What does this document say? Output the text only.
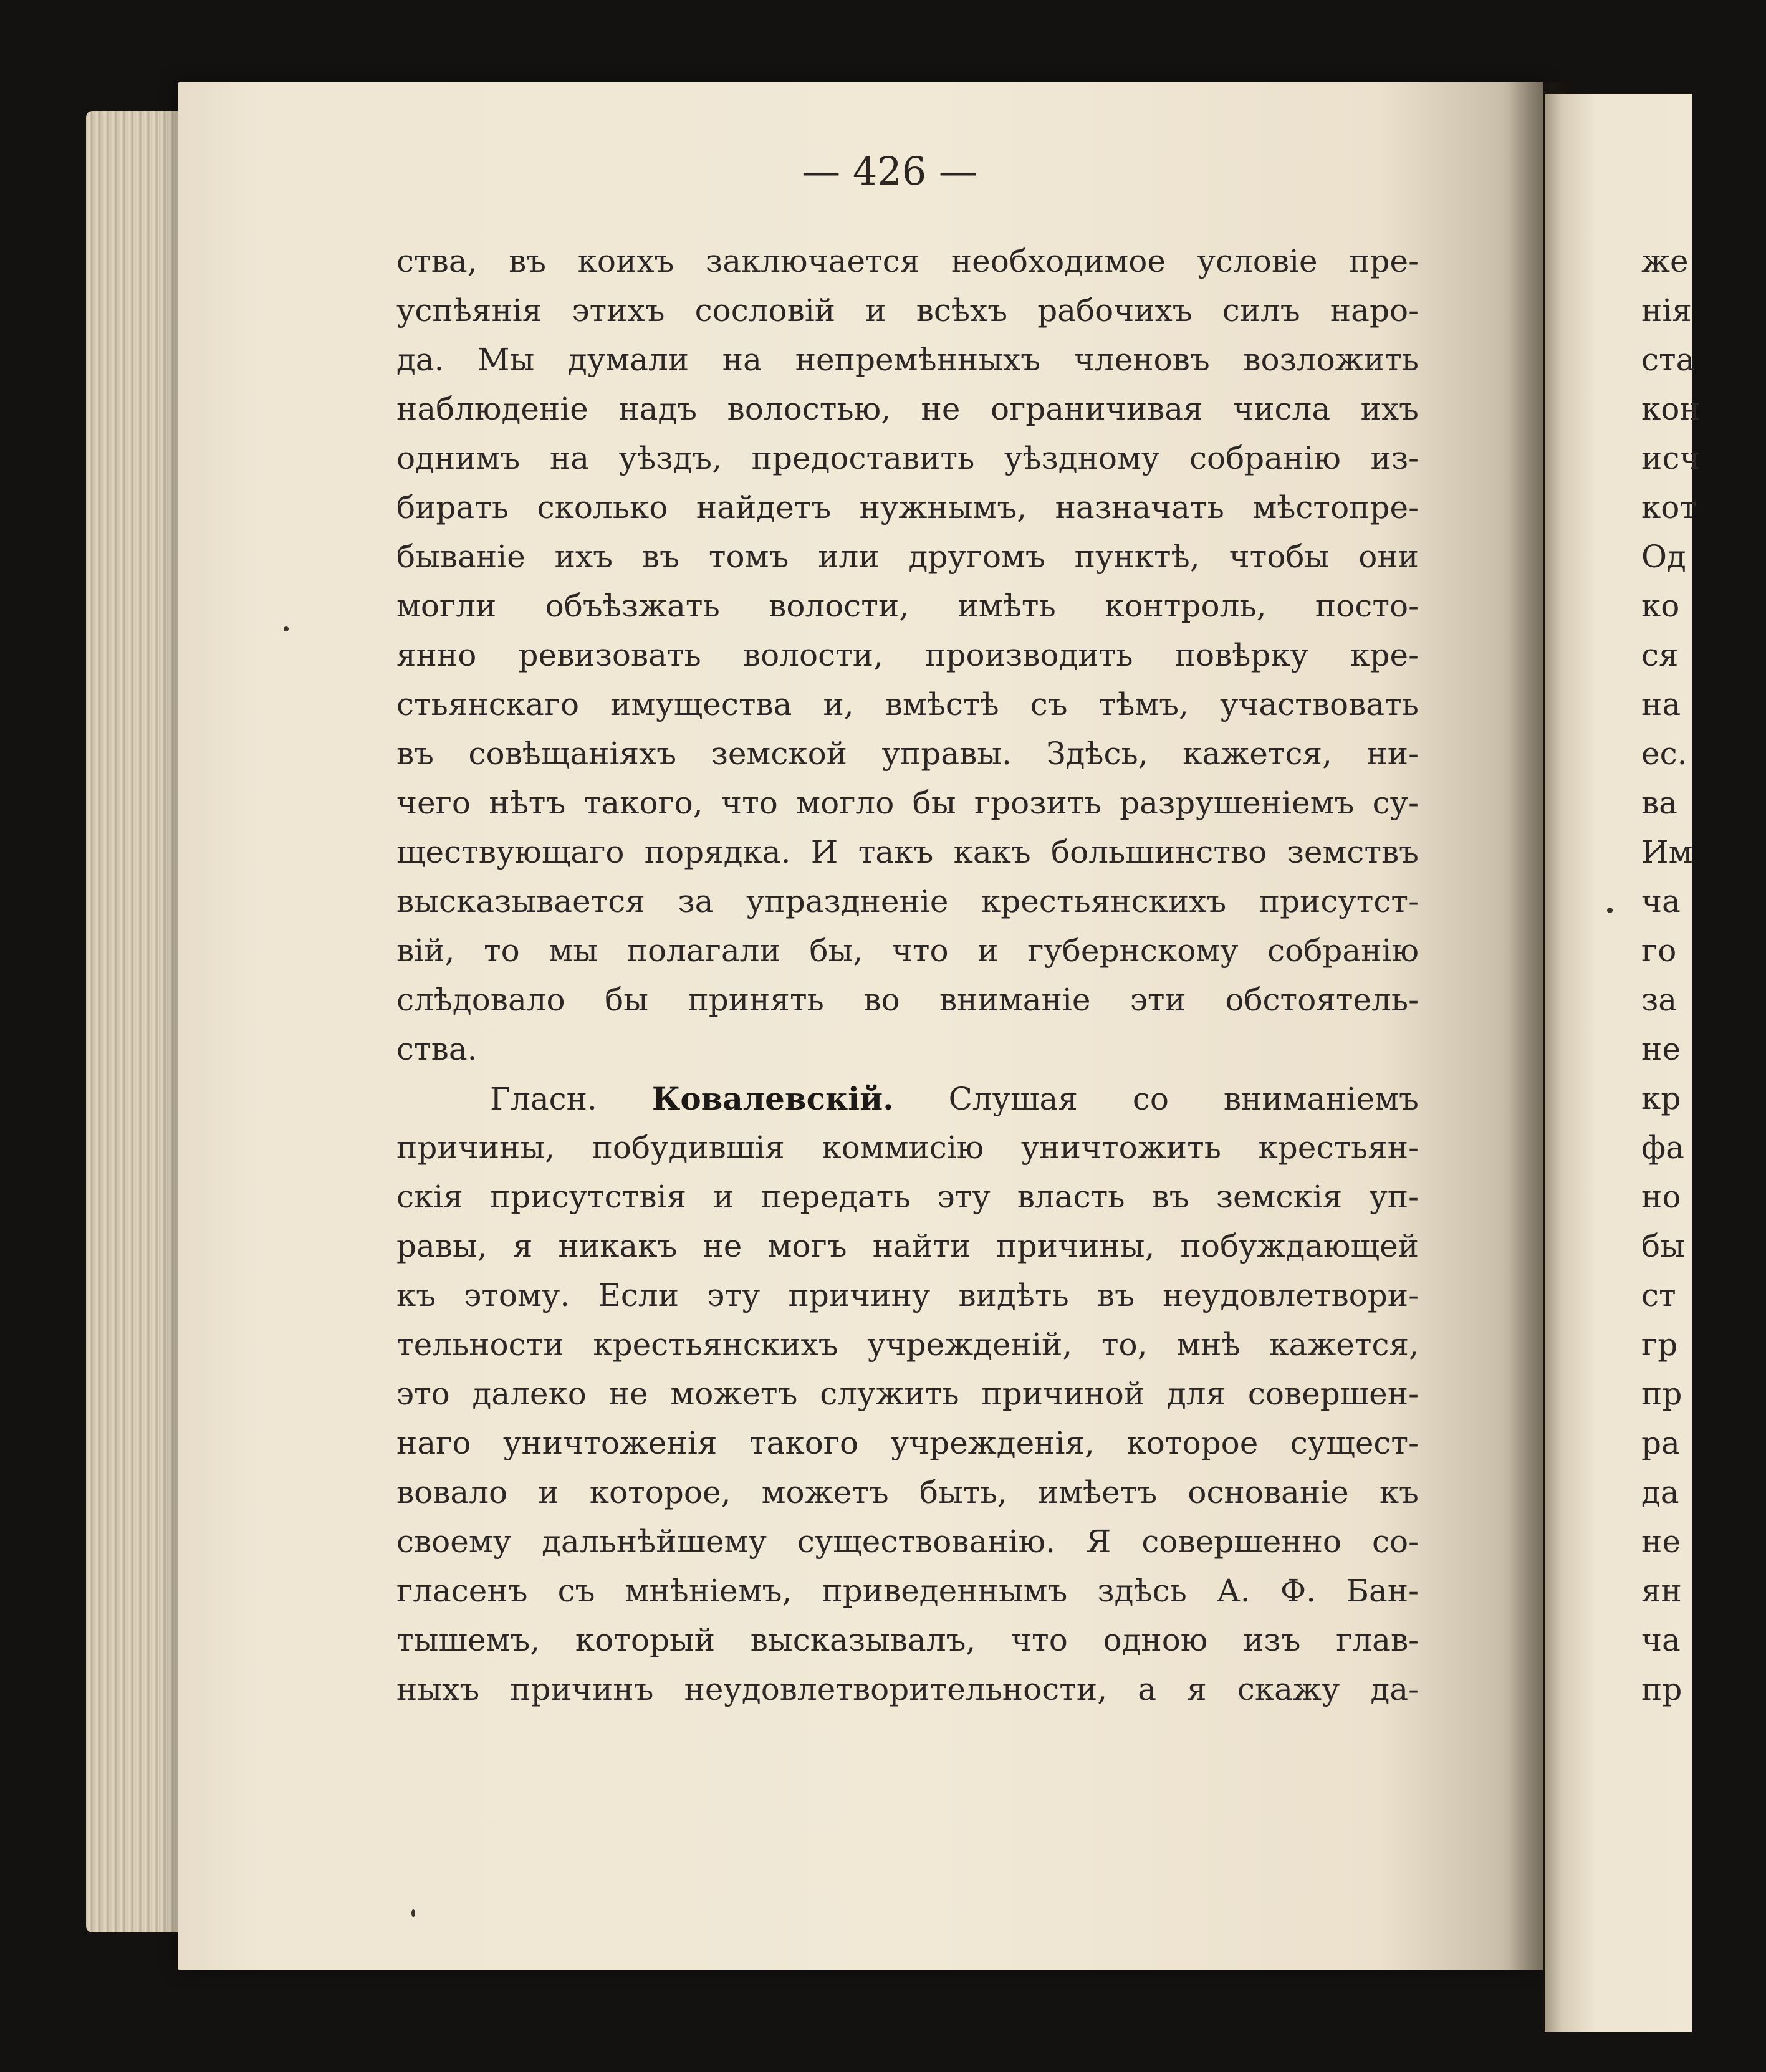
— 426 —
ства, въ коихъ заключается необходимое условіе пре-
успѣянія этихъ сословій и всѣхъ рабочихъ силъ наро-
да. Мы думали на непремѣнныхъ членовъ возложить
наблюденіе надъ волостью, не ограничивая числа ихъ
однимъ на уѣздъ, предоставить уѣздному собранію из-
бирать сколько найдетъ нужнымъ, назначать мѣстопре-
бываніе ихъ въ томъ или другомъ пунктѣ, чтобы они
могли объѣзжать волости, имѣть контроль, посто-
янно ревизовать волости, производить повѣрку кре-
стьянскаго имущества и, вмѣстѣ съ тѣмъ, участвовать
въ совѣщаніяхъ земской управы. Здѣсь, кажется, ни-
чего нѣтъ такого, что могло бы грозить разрушеніемъ су-
ществующаго порядка. И такъ какъ большинство земствъ
высказывается за упраздненіе крестьянскихъ присутст-
вій, то мы полагали бы, что и губернскому собранію
слѣдовало бы принять во вниманіе эти обстоятель-
ства.
Гласн. Ковалевскій. Слушая со вниманіемъ
причины, побудившія коммисію уничтожить крестьян-
скія присутствія и передать эту власть въ земскія уп-
равы, я никакъ не могъ найти причины, побуждающей
къ этому. Если эту причину видѣть въ неудовлетвори-
тельности крестьянскихъ учрежденій, то, мнѣ кажется,
это далеко не можетъ служить причиной для совершен-
наго уничтоженія такого учрежденія, которое сущест-
вовало и которое, можетъ быть, имѣетъ основаніе къ
своему дальнѣйшему существованію. Я совершенно со-
гласенъ съ мнѣніемъ, приведеннымъ здѣсь А. Ф. Бан-
тышемъ, который высказывалъ, что одною изъ глав-
ныхъ причинъ неудовлетворительности, а я скажу да-
же
нія
ста
кон
исч
кот
Од
ко
ся
на
ес.
ва
Им
ча
го
за
не
кр
фа
но
бы
ст
гр
пр
ра
да
не
ян
ча
пр
